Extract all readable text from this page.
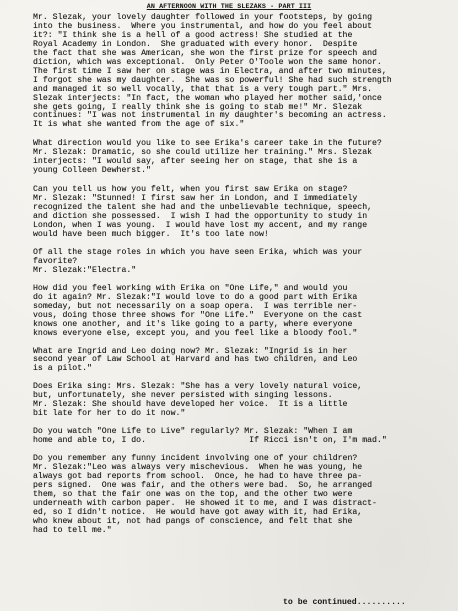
AN AFTERNOON WITH THE SLEZAKS - PART III
Mr. Slezak, your lovely daughter followed in your footsteps, by going
into the business.  Where you instrumental, and how do you feel about
it?: "I think she is a hell of a good actress! She studied at the
Royal Academy in London.  She graduated with every honor.  Despite
the fact that she was American, she won the first prize for speech and
diction, which was exceptional.  Only Peter O'Toole won the same honor.
The first time I saw her on stage was in Electra, and after two minutes,
I forgot she was my daughter.  She was so powerful! She had such strength
and managed it so well vocally, that that is a very tough part." Mrs.
Slezak interjects: "In fact, the woman who played her mother said,'once
she gets going, I really think she is going to stab me!" Mr. Slezak
continues: "I was not instrumental in my daughter's becoming an actress.
It is what she wanted from the age of six."
What direction would you like to see Erika's career take in the future?
Mr. Slezak: Dramatic, so she could utilize her training." Mrs. Slezak
interjects: "I would say, after seeing her on stage, that she is a
young Colleen Dewherst."
Can you tell us how you felt, when you first saw Erika on stage?
Mr. Slezak: "Stunned! I first saw her in London, and I immediately
recognized the talent she had and the unbelievable technique, speech,
and diction she possessed.  I wish I had the opportunity to study in
London, when I was young.  I would have lost my accent, and my range
would have been much bigger.  It's too late now!
Of all the stage roles in which you have seen Erika, which was your
favorite?
Mr. Slezak:"Electra."
How did you feel working with Erika on "One Life," and would you
do it again? Mr. Slezak:"I would love to do a good part with Erika
someday, but not necessarily on a soap opera.  I was terrible ner-
vous, doing those three shows for "One Life."  Everyone on the cast
knows one another, and it's like going to a party, where everyone
knows everyone else, except you, and you feel like a bloody fool."
What are Ingrid and Leo doing now? Mr. Slezak: "Ingrid is in her
second year of Law School at Harvard and has two children, and Leo
is a pilot."
Does Erika sing: Mrs. Slezak: "She has a very lovely natural voice,
but, unfortunately, she never persisted with singing lessons.
Mr. Slezak: She should have developed her voice.  It is a little
bit late for her to do it now."
Do you watch "One Life to Live" regularly? Mr. Slezak: "When I am
home and able to, I do.                     If Ricci isn't on, I'm mad."
Do you remember any funny incident involving one of your children?
Mr. Slezak:"Leo was always very mischevious.  When he was young, he
always got bad reports from school.  Once, he had to have three pa-
pers signed.  One was fair, and the others were bad.  So, he arranged
them, so that the fair one was on the top, and the other two were
underneath with carbon paper.  He showed it to me, and I was distract-
ed, so I didn't notice.  He would have got away with it, had Erika,
who knew about it, not had pangs of conscience, and felt that she
had to tell me."
to be continued..........
